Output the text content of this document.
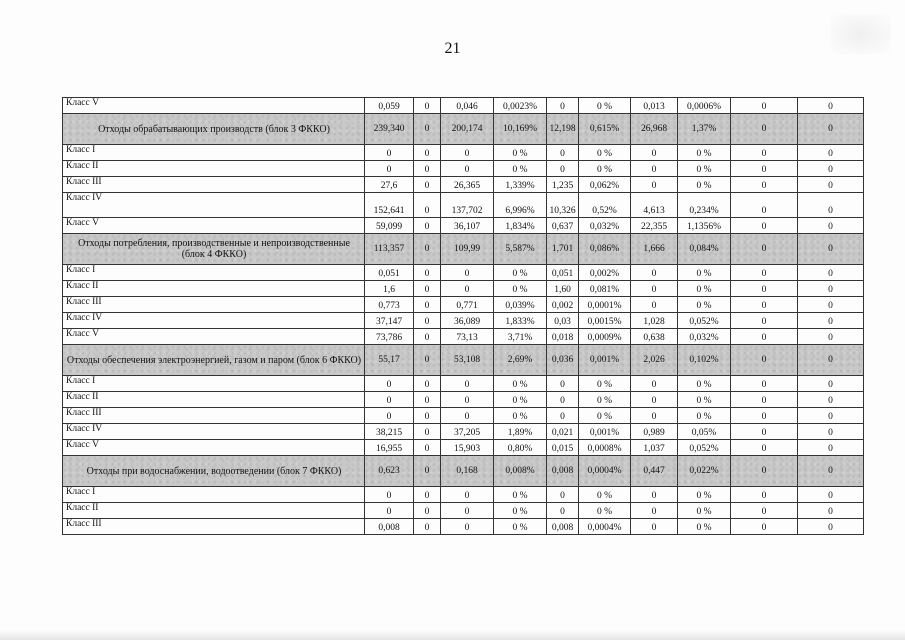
21
Класс V	0,059	0	0,046	0,0023%	0	0 %	0,013	0,0006%	0	0
Отходы обрабатывающих производств (блок 3 ФККО)	239,340	0	200,174	10,169%	12,198	0,615%	26,968	1,37%	0	0
Класс I	0	0	0	0 %	0	0 %	0	0 %	0	0
Класс II	0	0	0	0 %	0	0 %	0	0 %	0	0
Класс III	27,6	0	26,365	1,339%	1,235	0,062%	0	0 %	0	0
Класс IV	152,641	0	137,702	6,996%	10,326	0,52%	4,613	0,234%	0	0
Класс V	59,099	0	36,107	1,834%	0,637	0,032%	22,355	1,1356%	0	0
Отходы потребления, производственные и непроизводственные (блок 4 ФККО)	113,357	0	109,99	5,587%	1,701	0,086%	1,666	0,084%	0	0
Класс I	0,051	0	0	0 %	0,051	0,002%	0	0 %	0	0
Класс II	1,6	0	0	0 %	1,60	0,081%	0	0 %	0	0
Класс III	0,773	0	0,771	0,039%	0,002	0,0001%	0	0 %	0	0
Класс IV	37,147	0	36,089	1,833%	0,03	0,0015%	1,028	0,052%	0	0
Класс V	73,786	0	73,13	3,71%	0,018	0,0009%	0,638	0,032%	0	0
Отходы обеспечения электроэнергией, газом и паром (блок 6 ФККО)	55,17	0	53,108	2,69%	0,036	0,001%	2,026	0,102%	0	0
Класс I	0	0	0	0 %	0	0 %	0	0 %	0	0
Класс II	0	0	0	0 %	0	0 %	0	0 %	0	0
Класс III	0	0	0	0 %	0	0 %	0	0 %	0	0
Класс IV	38,215	0	37,205	1,89%	0,021	0,001%	0,989	0,05%	0	0
Класс V	16,955	0	15,903	0,80%	0,015	0,0008%	1,037	0,052%	0	0
Отходы при водоснабжении, водоотведении (блок 7 ФККО)	0,623	0	0,168	0,008%	0,008	0,0004%	0,447	0,022%	0	0
Класс I	0	0	0	0 %	0	0 %	0	0 %	0	0
Класс II	0	0	0	0 %	0	0 %	0	0 %	0	0
Класс III	0,008	0	0	0 %	0,008	0,0004%	0	0 %	0	0
